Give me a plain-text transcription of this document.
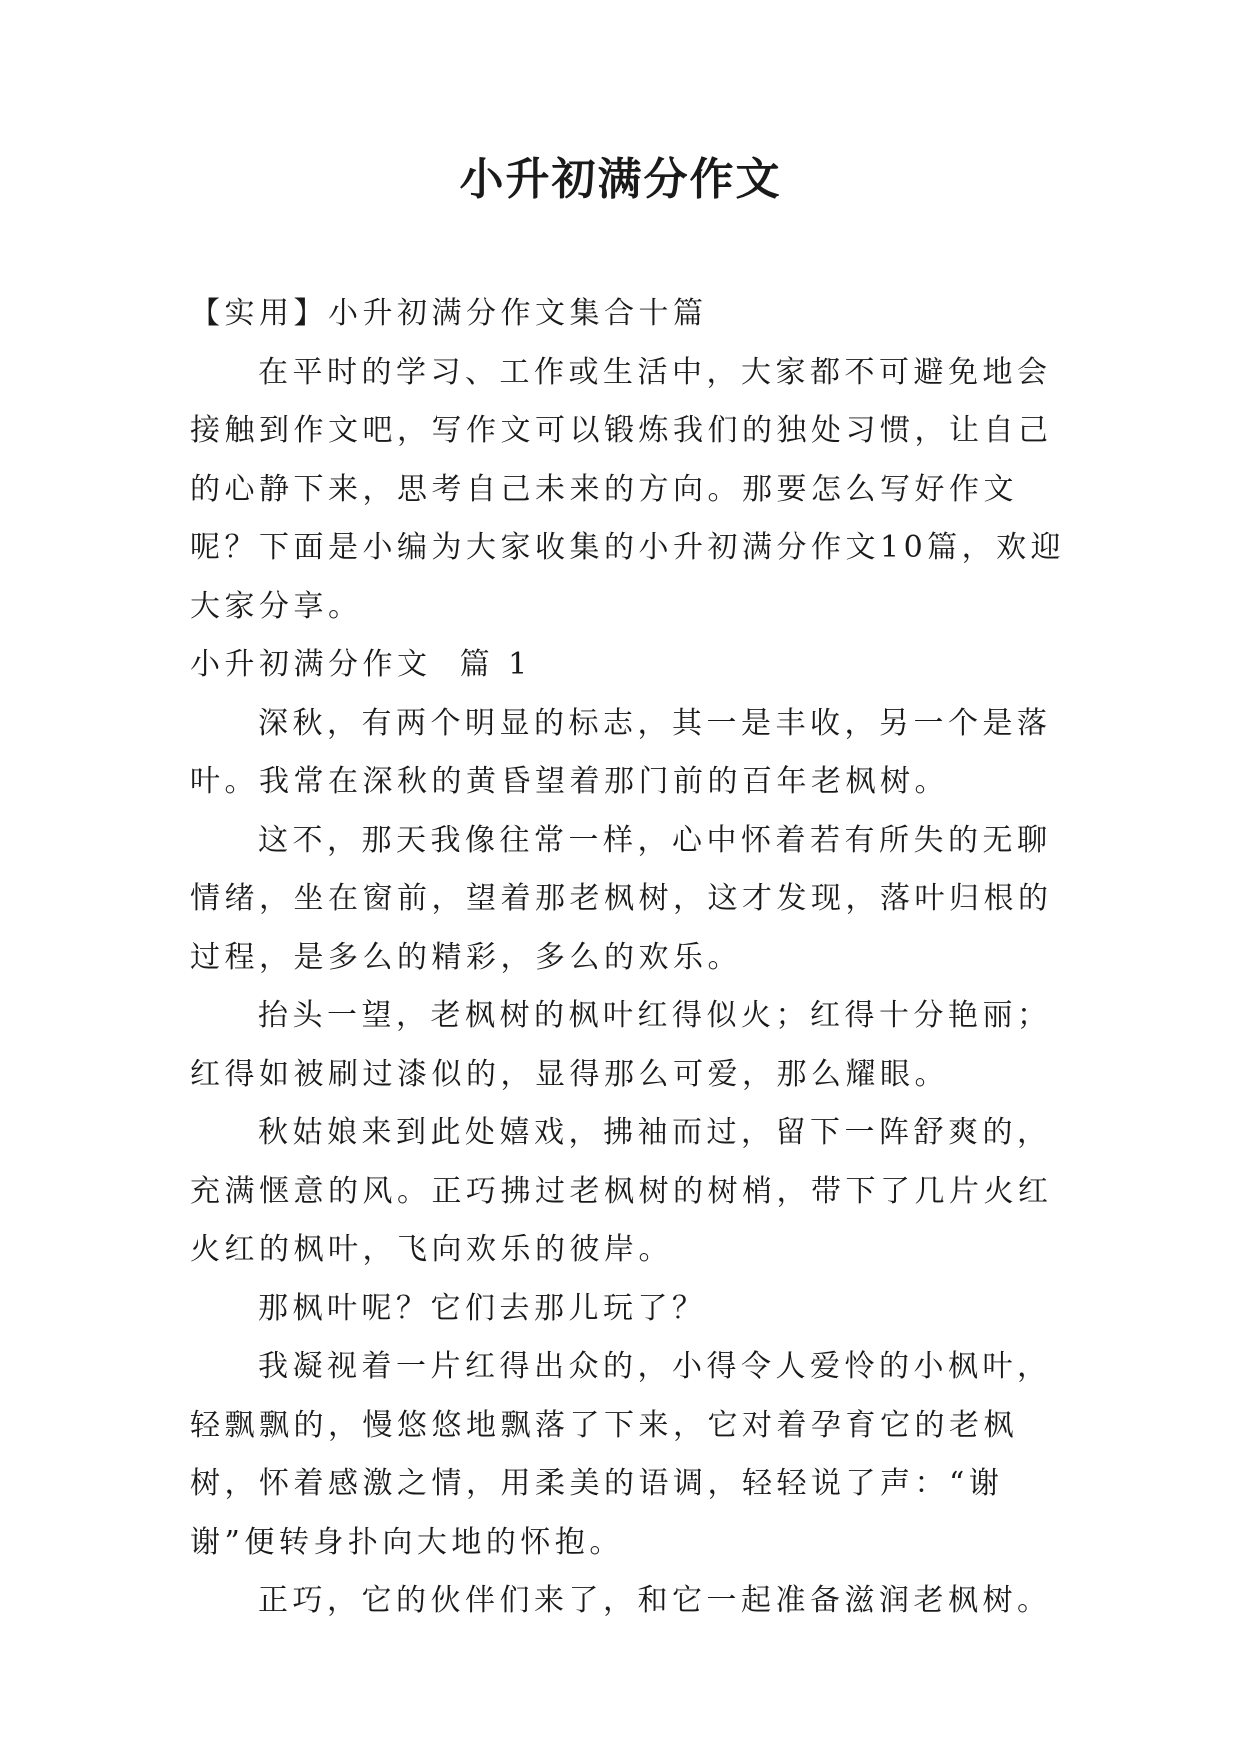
小升初满分作文

【实用】小升初满分作文集合十篇

在平时的学习、工作或生活中，大家都不可避免地会接触到作文吧，写作文可以锻炼我们的独处习惯，让自己的心静下来，思考自己未来的方向。那要怎么写好作文呢？下面是小编为大家收集的小升初满分作文10篇，欢迎大家分享。

小升初满分作文  篇 1

深秋，有两个明显的标志，其一是丰收，另一个是落叶。我常在深秋的黄昏望着那门前的百年老枫树。

这不，那天我像往常一样，心中怀着若有所失的无聊情绪，坐在窗前，望着那老枫树，这才发现，落叶归根的过程，是多么的精彩，多么的欢乐。

抬头一望，老枫树的枫叶红得似火；红得十分艳丽；红得如被刷过漆似的，显得那么可爱，那么耀眼。

秋姑娘来到此处嬉戏，拂袖而过，留下一阵舒爽的，充满惬意的风。正巧拂过老枫树的树梢，带下了几片火红火红的枫叶，飞向欢乐的彼岸。

那枫叶呢？它们去那儿玩了？

我凝视着一片红得出众的，小得令人爱怜的小枫叶，轻飘飘的，慢悠悠地飘落了下来，它对着孕育它的老枫树，怀着感激之情，用柔美的语调，轻轻说了声：“谢谢”便转身扑向大地的怀抱。

正巧，它的伙伴们来了，和它一起准备滋润老枫树。
